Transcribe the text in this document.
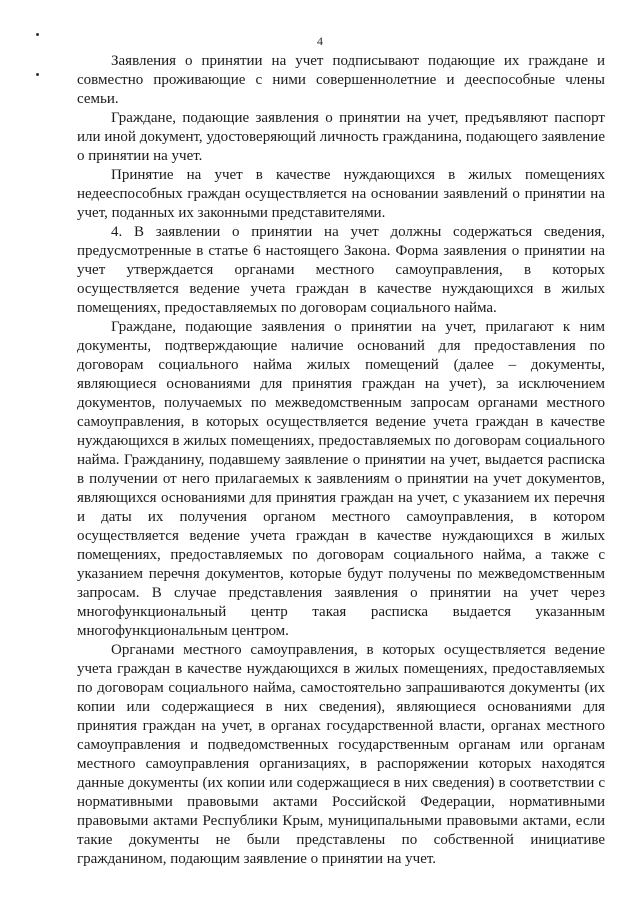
4

Заявления о принятии на учет подписывают подающие их граждане и совместно проживающие с ними совершеннолетние и дееспособные члены семьи.

Граждане, подающие заявления о принятии на учет, предъявляют паспорт или иной документ, удостоверяющий личность гражданина, подающего заявление о принятии на учет.

Принятие на учет в качестве нуждающихся в жилых помещениях недееспособных граждан осуществляется на основании заявлений о принятии на учет, поданных их законными представителями.

4. В заявлении о принятии на учет должны содержаться сведения, предусмотренные в статье 6 настоящего Закона. Форма заявления о принятии на учет утверждается органами местного самоуправления, в которых осуществляется ведение учета граждан в качестве нуждающихся в жилых помещениях, предоставляемых по договорам социального найма.

Граждане, подающие заявления о принятии на учет, прилагают к ним документы, подтверждающие наличие оснований для предоставления по договорам социального найма жилых помещений (далее – документы, являющиеся основаниями для принятия граждан на учет), за исключением документов, получаемых по межведомственным запросам органами местного самоуправления, в которых осуществляется ведение учета граждан в качестве нуждающихся в жилых помещениях, предоставляемых по договорам социального найма. Гражданину, подавшему заявление о принятии на учет, выдается расписка в получении от него прилагаемых к заявлениям о принятии на учет документов, являющихся основаниями для принятия граждан на учет, с указанием их перечня и даты их получения органом местного самоуправления, в котором осуществляется ведение учета граждан в качестве нуждающихся в жилых помещениях, предоставляемых по договорам социального найма, а также с указанием перечня документов, которые будут получены по межведомственным запросам. В случае представления заявления о принятии на учет через многофункциональный центр такая расписка выдается указанным многофункциональным центром.

Органами местного самоуправления, в которых осуществляется ведение учета граждан в качестве нуждающихся в жилых помещениях, предоставляемых по договорам социального найма, самостоятельно запрашиваются документы (их копии или содержащиеся в них сведения), являющиеся основаниями для принятия граждан на учет, в органах государственной власти, органах местного самоуправления и подведомственных государственным органам или органам местного самоуправления организациях, в распоряжении которых находятся данные документы (их копии или содержащиеся в них сведения) в соответствии с нормативными правовыми актами Российской Федерации, нормативными правовыми актами Республики Крым, муниципальными правовыми актами, если такие документы не были представлены по собственной инициативе гражданином, подающим заявление о принятии на учет.
